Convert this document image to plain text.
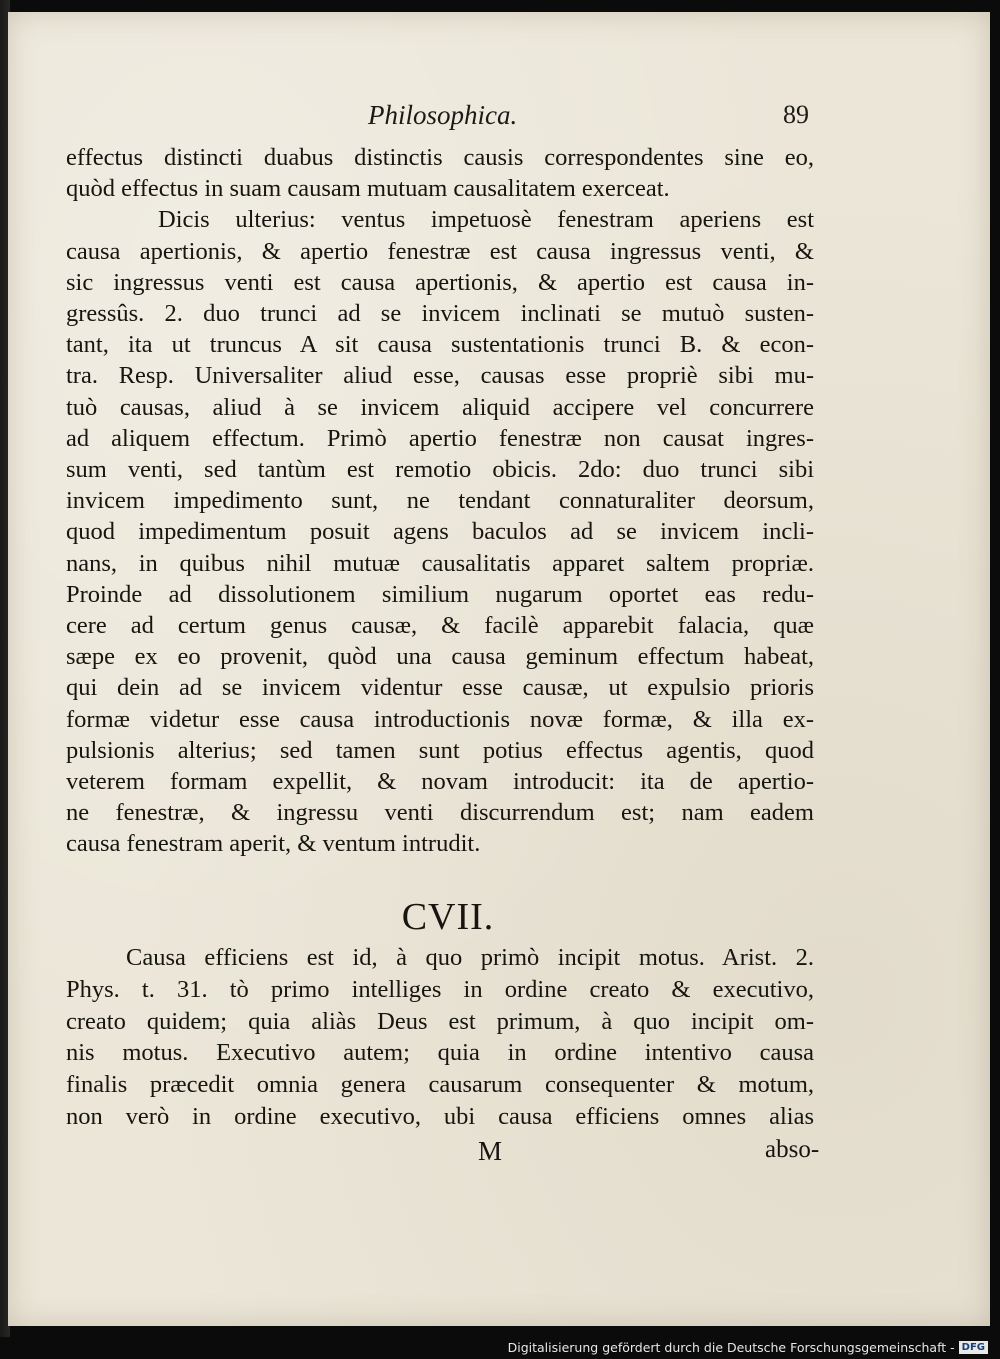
Philosophica.	89
effectus distincti duabus distinctis causis correspondentes sine eo,
quòd effectus in suam causam mutuam causalitatem exerceat.
Dicis ulterius: ventus impetuosè fenestram aperiens est
causa apertionis, & apertio fenestræ est causa ingressus venti, &
sic ingressus venti est causa apertionis, & apertio est causa in-
gressûs. 2. duo trunci ad se invicem inclinati se mutuò susten-
tant, ita ut truncus A sit causa sustentationis trunci B. & econ-
tra. Resp. Universaliter aliud esse, causas esse propriè sibi mu-
tuò causas, aliud à se invicem aliquid accipere vel concurrere
ad aliquem effectum. Primò apertio fenestræ non causat ingres-
sum venti, sed tantùm est remotio obicis. 2do: duo trunci sibi
invicem impedimento sunt, ne tendant connaturaliter deorsum,
quod impedimentum posuit agens baculos ad se invicem incli-
nans, in quibus nihil mutuæ causalitatis apparet saltem propriæ.
Proinde ad dissolutionem similium nugarum oportet eas redu-
cere ad certum genus causæ, & facilè apparebit falacia, quæ
sæpe ex eo provenit, quòd una causa geminum effectum habeat,
qui dein ad se invicem videntur esse causæ, ut expulsio prioris
formæ videtur esse causa introductionis novæ formæ, & illa ex-
pulsionis alterius; sed tamen sunt potius effectus agentis, quod
veterem formam expellit, & novam introducit: ita de apertio-
ne fenestræ, & ingressu venti discurrendum est; nam eadem
causa fenestram aperit, & ventum intrudit.
CVII.
Causa efficiens est id, à quo primò incipit motus. Arist. 2.
Phys. t. 31. tò primo intelliges in ordine creato & executivo,
creato quidem; quia aliàs Deus est primum, à quo incipit om-
nis motus. Executivo autem; quia in ordine intentivo causa
finalis præcedit omnia genera causarum consequenter & motum,
non verò in ordine executivo, ubi causa efficiens omnes alias
M	abso-
Digitalisierung gefördert durch die Deutsche Forschungsgemeinschaft - DFG
